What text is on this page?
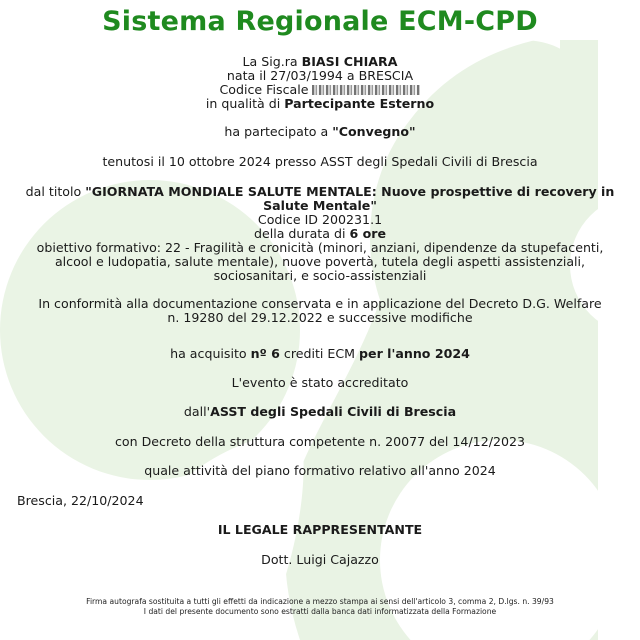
Sistema Regionale ECM-CPD
La Sig.ra BIASI CHIARA
nata il 27/03/1994 a BRESCIA
Codice Fiscale
in qualità di Partecipante Esterno
ha partecipato a "Convegno"
tenutosi il 10 ottobre 2024 presso ASST degli Spedali Civili di Brescia
dal titolo "GIORNATA MONDIALE SALUTE MENTALE: Nuove prospettive di recovery in
Salute Mentale"
Codice ID 200231.1
della durata di 6 ore
obiettivo formativo: 22 - Fragilità e cronicità (minori, anziani, dipendenze da stupefacenti,
alcool e ludopatia, salute mentale), nuove povertà, tutela degli aspetti assistenziali,
sociosanitari, e socio-assistenziali
In conformità alla documentazione conservata e in applicazione del Decreto D.G. Welfare
n. 19280 del 29.12.2022 e successive modifiche
ha acquisito nº 6 crediti ECM per l'anno 2024
L'evento è stato accreditato
dall'ASST degli Spedali Civili di Brescia
con Decreto della struttura competente n. 20077 del 14/12/2023
quale attività del piano formativo relativo all'anno 2024
Brescia, 22/10/2024
IL LEGALE RAPPRESENTANTE
Dott. Luigi Cajazzo
Firma autografa sostituita a tutti gli effetti da indicazione a mezzo stampa ai sensi dell'articolo 3, comma 2, D.lgs. n. 39/93
I dati del presente documento sono estratti dalla banca dati informatizzata della Formazione
